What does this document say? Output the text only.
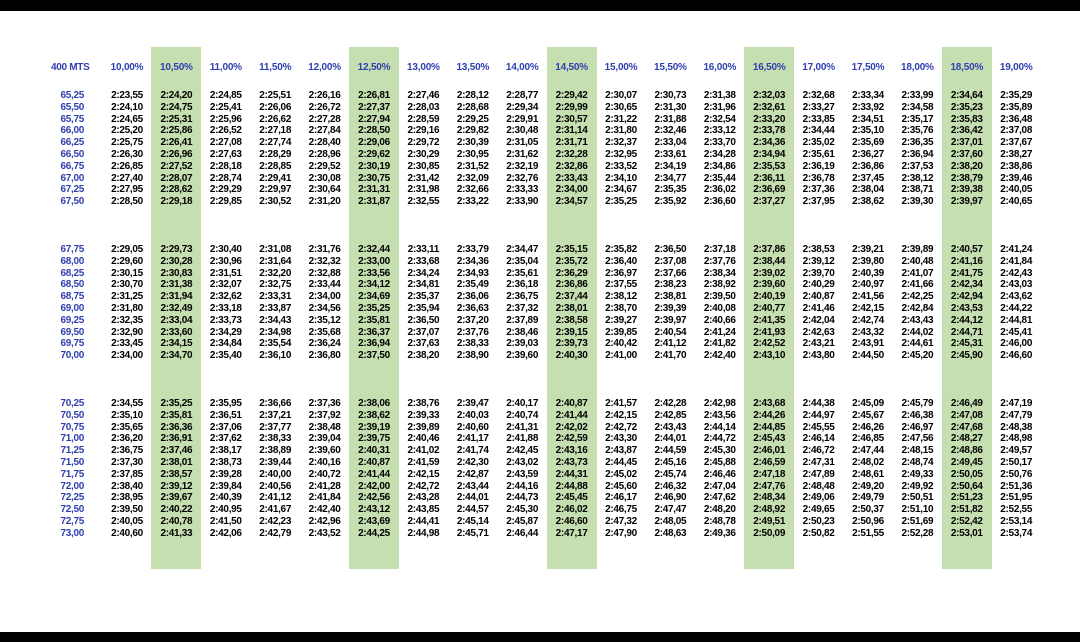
400 MTS	10,00%	10,50%	11,00%	11,50%	12,00%	12,50%	13,00%	13,50%	14,00%	14,50%	15,00%	15,50%	16,00%	16,50%	17,00%	17,50%	18,00%	18,50%	19,00%
65,25	2:23,55	2:24,20	2:24,85	2:25,51	2:26,16	2:26,81	2:27,46	2:28,12	2:28,77	2:29,42	2:30,07	2:30,73	2:31,38	2:32,03	2:32,68	2:33,34	2:33,99	2:34,64	2:35,29
65,50	2:24,10	2:24,75	2:25,41	2:26,06	2:26,72	2:27,37	2:28,03	2:28,68	2:29,34	2:29,99	2:30,65	2:31,30	2:31,96	2:32,61	2:33,27	2:33,92	2:34,58	2:35,23	2:35,89
65,75	2:24,65	2:25,31	2:25,96	2:26,62	2:27,28	2:27,94	2:28,59	2:29,25	2:29,91	2:30,57	2:31,22	2:31,88	2:32,54	2:33,20	2:33,85	2:34,51	2:35,17	2:35,83	2:36,48
66,00	2:25,20	2:25,86	2:26,52	2:27,18	2:27,84	2:28,50	2:29,16	2:29,82	2:30,48	2:31,14	2:31,80	2:32,46	2:33,12	2:33,78	2:34,44	2:35,10	2:35,76	2:36,42	2:37,08
66,25	2:25,75	2:26,41	2:27,08	2:27,74	2:28,40	2:29,06	2:29,72	2:30,39	2:31,05	2:31,71	2:32,37	2:33,04	2:33,70	2:34,36	2:35,02	2:35,69	2:36,35	2:37,01	2:37,67
66,50	2:26,30	2:26,96	2:27,63	2:28,29	2:28,96	2:29,62	2:30,29	2:30,95	2:31,62	2:32,28	2:32,95	2:33,61	2:34,28	2:34,94	2:35,61	2:36,27	2:36,94	2:37,60	2:38,27
66,75	2:26,85	2:27,52	2:28,18	2:28,85	2:29,52	2:30,19	2:30,85	2:31,52	2:32,19	2:32,86	2:33,52	2:34,19	2:34,86	2:35,53	2:36,19	2:36,86	2:37,53	2:38,20	2:38,86
67,00	2:27,40	2:28,07	2:28,74	2:29,41	2:30,08	2:30,75	2:31,42	2:32,09	2:32,76	2:33,43	2:34,10	2:34,77	2:35,44	2:36,11	2:36,78	2:37,45	2:38,12	2:38,79	2:39,46
67,25	2:27,95	2:28,62	2:29,29	2:29,97	2:30,64	2:31,31	2:31,98	2:32,66	2:33,33	2:34,00	2:34,67	2:35,35	2:36,02	2:36,69	2:37,36	2:38,04	2:38,71	2:39,38	2:40,05
67,50	2:28,50	2:29,18	2:29,85	2:30,52	2:31,20	2:31,87	2:32,55	2:33,22	2:33,90	2:34,57	2:35,25	2:35,92	2:36,60	2:37,27	2:37,95	2:38,62	2:39,30	2:39,97	2:40,65
67,75	2:29,05	2:29,73	2:30,40	2:31,08	2:31,76	2:32,44	2:33,11	2:33,79	2:34,47	2:35,15	2:35,82	2:36,50	2:37,18	2:37,86	2:38,53	2:39,21	2:39,89	2:40,57	2:41,24
68,00	2:29,60	2:30,28	2:30,96	2:31,64	2:32,32	2:33,00	2:33,68	2:34,36	2:35,04	2:35,72	2:36,40	2:37,08	2:37,76	2:38,44	2:39,12	2:39,80	2:40,48	2:41,16	2:41,84
68,25	2:30,15	2:30,83	2:31,51	2:32,20	2:32,88	2:33,56	2:34,24	2:34,93	2:35,61	2:36,29	2:36,97	2:37,66	2:38,34	2:39,02	2:39,70	2:40,39	2:41,07	2:41,75	2:42,43
68,50	2:30,70	2:31,38	2:32,07	2:32,75	2:33,44	2:34,12	2:34,81	2:35,49	2:36,18	2:36,86	2:37,55	2:38,23	2:38,92	2:39,60	2:40,29	2:40,97	2:41,66	2:42,34	2:43,03
68,75	2:31,25	2:31,94	2:32,62	2:33,31	2:34,00	2:34,69	2:35,37	2:36,06	2:36,75	2:37,44	2:38,12	2:38,81	2:39,50	2:40,19	2:40,87	2:41,56	2:42,25	2:42,94	2:43,62
69,00	2:31,80	2:32,49	2:33,18	2:33,87	2:34,56	2:35,25	2:35,94	2:36,63	2:37,32	2:38,01	2:38,70	2:39,39	2:40,08	2:40,77	2:41,46	2:42,15	2:42,84	2:43,53	2:44,22
69,25	2:32,35	2:33,04	2:33,73	2:34,43	2:35,12	2:35,81	2:36,50	2:37,20	2:37,89	2:38,58	2:39,27	2:39,97	2:40,66	2:41,35	2:42,04	2:42,74	2:43,43	2:44,12	2:44,81
69,50	2:32,90	2:33,60	2:34,29	2:34,98	2:35,68	2:36,37	2:37,07	2:37,76	2:38,46	2:39,15	2:39,85	2:40,54	2:41,24	2:41,93	2:42,63	2:43,32	2:44,02	2:44,71	2:45,41
69,75	2:33,45	2:34,15	2:34,84	2:35,54	2:36,24	2:36,94	2:37,63	2:38,33	2:39,03	2:39,73	2:40,42	2:41,12	2:41,82	2:42,52	2:43,21	2:43,91	2:44,61	2:45,31	2:46,00
70,00	2:34,00	2:34,70	2:35,40	2:36,10	2:36,80	2:37,50	2:38,20	2:38,90	2:39,60	2:40,30	2:41,00	2:41,70	2:42,40	2:43,10	2:43,80	2:44,50	2:45,20	2:45,90	2:46,60
70,25	2:34,55	2:35,25	2:35,95	2:36,66	2:37,36	2:38,06	2:38,76	2:39,47	2:40,17	2:40,87	2:41,57	2:42,28	2:42,98	2:43,68	2:44,38	2:45,09	2:45,79	2:46,49	2:47,19
70,50	2:35,10	2:35,81	2:36,51	2:37,21	2:37,92	2:38,62	2:39,33	2:40,03	2:40,74	2:41,44	2:42,15	2:42,85	2:43,56	2:44,26	2:44,97	2:45,67	2:46,38	2:47,08	2:47,79
70,75	2:35,65	2:36,36	2:37,06	2:37,77	2:38,48	2:39,19	2:39,89	2:40,60	2:41,31	2:42,02	2:42,72	2:43,43	2:44,14	2:44,85	2:45,55	2:46,26	2:46,97	2:47,68	2:48,38
71,00	2:36,20	2:36,91	2:37,62	2:38,33	2:39,04	2:39,75	2:40,46	2:41,17	2:41,88	2:42,59	2:43,30	2:44,01	2:44,72	2:45,43	2:46,14	2:46,85	2:47,56	2:48,27	2:48,98
71,25	2:36,75	2:37,46	2:38,17	2:38,89	2:39,60	2:40,31	2:41,02	2:41,74	2:42,45	2:43,16	2:43,87	2:44,59	2:45,30	2:46,01	2:46,72	2:47,44	2:48,15	2:48,86	2:49,57
71,50	2:37,30	2:38,01	2:38,73	2:39,44	2:40,16	2:40,87	2:41,59	2:42,30	2:43,02	2:43,73	2:44,45	2:45,16	2:45,88	2:46,59	2:47,31	2:48,02	2:48,74	2:49,45	2:50,17
71,75	2:37,85	2:38,57	2:39,28	2:40,00	2:40,72	2:41,44	2:42,15	2:42,87	2:43,59	2:44,31	2:45,02	2:45,74	2:46,46	2:47,18	2:47,89	2:48,61	2:49,33	2:50,05	2:50,76
72,00	2:38,40	2:39,12	2:39,84	2:40,56	2:41,28	2:42,00	2:42,72	2:43,44	2:44,16	2:44,88	2:45,60	2:46,32	2:47,04	2:47,76	2:48,48	2:49,20	2:49,92	2:50,64	2:51,36
72,25	2:38,95	2:39,67	2:40,39	2:41,12	2:41,84	2:42,56	2:43,28	2:44,01	2:44,73	2:45,45	2:46,17	2:46,90	2:47,62	2:48,34	2:49,06	2:49,79	2:50,51	2:51,23	2:51,95
72,50	2:39,50	2:40,22	2:40,95	2:41,67	2:42,40	2:43,12	2:43,85	2:44,57	2:45,30	2:46,02	2:46,75	2:47,47	2:48,20	2:48,92	2:49,65	2:50,37	2:51,10	2:51,82	2:52,55
72,75	2:40,05	2:40,78	2:41,50	2:42,23	2:42,96	2:43,69	2:44,41	2:45,14	2:45,87	2:46,60	2:47,32	2:48,05	2:48,78	2:49,51	2:50,23	2:50,96	2:51,69	2:52,42	2:53,14
73,00	2:40,60	2:41,33	2:42,06	2:42,79	2:43,52	2:44,25	2:44,98	2:45,71	2:46,44	2:47,17	2:47,90	2:48,63	2:49,36	2:50,09	2:50,82	2:51,55	2:52,28	2:53,01	2:53,74
